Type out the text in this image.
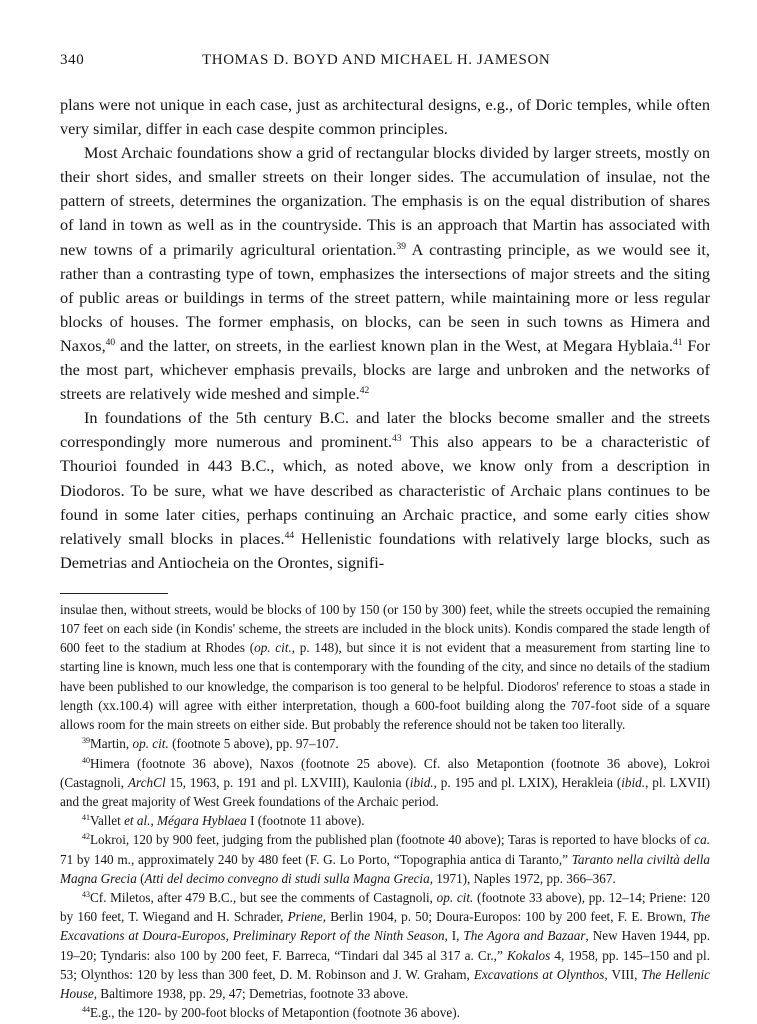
340	THOMAS D. BOYD AND MICHAEL H. JAMESON

plans were not unique in each case, just as architectural designs, e.g., of Doric temples, while often very similar, differ in each case despite common principles.

Most Archaic foundations show a grid of rectangular blocks divided by larger streets, mostly on their short sides, and smaller streets on their longer sides. The accumulation of insulae, not the pattern of streets, determines the organization. The emphasis is on the equal distribution of shares of land in town as well as in the countryside. This is an approach that Martin has associated with new towns of a primarily agricultural orientation.$^{39}$ A contrasting principle, as we would see it, rather than a contrasting type of town, emphasizes the intersections of major streets and the siting of public areas or buildings in terms of the street pattern, while maintaining more or less regular blocks of houses. The former emphasis, on blocks, can be seen in such towns as Himera and Naxos,$^{40}$ and the latter, on streets, in the earliest known plan in the West, at Megara Hyblaia.$^{41}$ For the most part, whichever emphasis prevails, blocks are large and unbroken and the networks of streets are relatively wide meshed and simple.$^{42}$

In foundations of the 5th century B.C. and later the blocks become smaller and the streets correspondingly more numerous and prominent.$^{43}$ This also appears to be a characteristic of Thourioi founded in 443 B.C., which, as noted above, we know only from a description in Diodoros. To be sure, what we have described as characteristic of Archaic plans continues to be found in some later cities, perhaps continuing an Archaic practice, and some early cities show relatively small blocks in places.$^{44}$ Hellenistic foundations with relatively large blocks, such as Demetrias and Antiocheia on the Orontes, signifi-

insulae then, without streets, would be blocks of 100 by 150 (or 150 by 300) feet, while the streets occupied the remaining 107 feet on each side (in Kondis' scheme, the streets are included in the block units). Kondis compared the stade length of 600 feet to the stadium at Rhodes (op. cit., p. 148), but since it is not evident that a measurement from starting line to starting line is known, much less one that is contemporary with the founding of the city, and since no details of the stadium have been published to our knowledge, the comparison is too general to be helpful. Diodoros' reference to stoas a stade in length (xx.100.4) will agree with either interpretation, though a 600-foot building along the 707-foot side of a square allows room for the main streets on either side. But probably the reference should not be taken too literally.

$^{39}$Martin, op. cit. (footnote 5 above), pp. 97–107.

$^{40}$Himera (footnote 36 above), Naxos (footnote 25 above). Cf. also Metapontion (footnote 36 above), Lokroi (Castagnoli, ArchCl 15, 1963, p. 191 and pl. LXVIII), Kaulonia (ibid., p. 195 and pl. LXIX), Herakleia (ibid., pl. LXVII) and the great majority of West Greek foundations of the Archaic period.

$^{41}$Vallet et al., Mégara Hyblaea I (footnote 11 above).

$^{42}$Lokroi, 120 by 900 feet, judging from the published plan (footnote 40 above); Taras is reported to have blocks of ca. 71 by 140 m., approximately 240 by 480 feet (F. G. Lo Porto, “Topographia antica di Taranto,” Taranto nella civiltà della Magna Grecia (Atti del decimo convegno di studi sulla Magna Grecia, 1971), Naples 1972, pp. 366–367.

$^{43}$Cf. Miletos, after 479 B.C., but see the comments of Castagnoli, op. cit. (footnote 33 above), pp. 12–14; Priene: 120 by 160 feet, T. Wiegand and H. Schrader, Priene, Berlin 1904, p. 50; Doura-Europos: 100 by 200 feet, F. E. Brown, The Excavations at Doura-Europos, Preliminary Report of the Ninth Season, I, The Agora and Bazaar, New Haven 1944, pp. 19–20; Tyndaris: also 100 by 200 feet, F. Barreca, “Tindari dal 345 al 317 a. Cr.,” Kokalos 4, 1958, pp. 145–150 and pl. 53; Olynthos: 120 by less than 300 feet, D. M. Robinson and J. W. Graham, Excavations at Olynthos, VIII, The Hellenic House, Baltimore 1938, pp. 29, 47; Demetrias, footnote 33 above.

$^{44}$E.g., the 120- by 200-foot blocks of Metapontion (footnote 36 above).
